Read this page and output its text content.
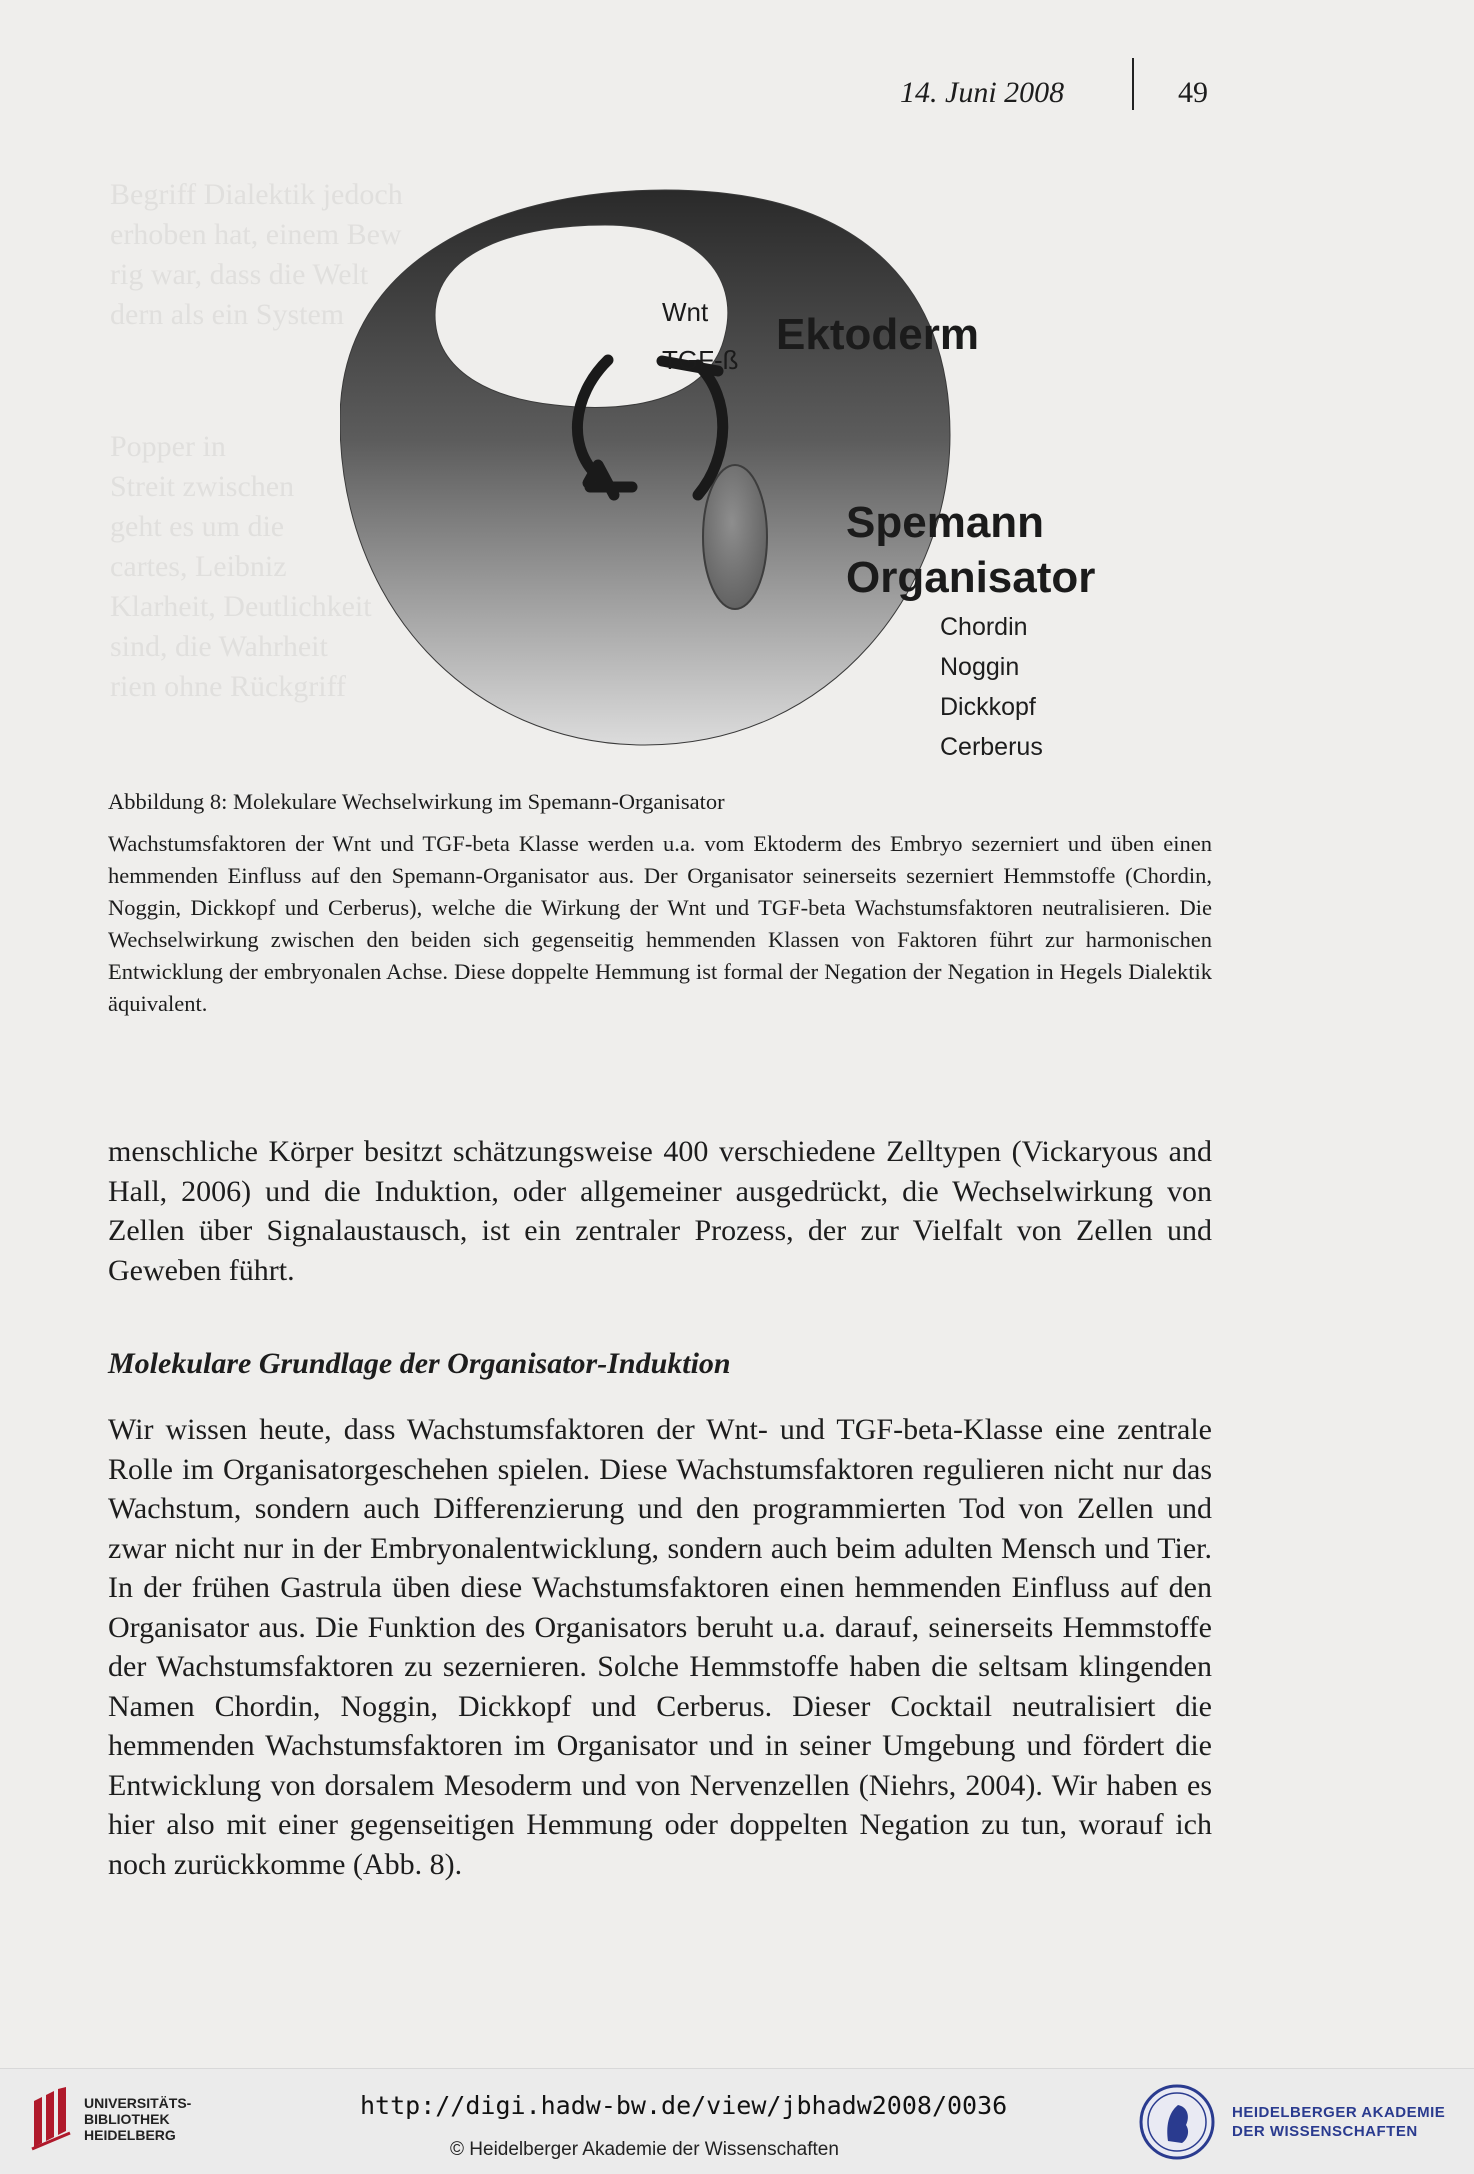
Begriff Dialektik jedoch
erhoben hat, einem Bew
rig war, dass die Welt
dern als ein System
Popper in
Streit zwischen
geht es um die
cartes, Leibniz
Klarheit, Deutlichkeit
sind, die Wahrheit
rien ohne Rückgriff
14. Juni 2008	49
Wnt
TGF-ß
Ektoderm
Spemann
Organisator
Chordin
Noggin
Dickkopf
Cerberus

Abbildung 8: Molekulare Wechselwirkung im Spemann-Organisator

Wachstumsfaktoren der Wnt und TGF-beta Klasse werden u.a. vom Ektoderm des Embryo sezerniert und üben einen hemmenden Einfluss auf den Spemann-Organisator aus. Der Organisator seinerseits sezerniert Hemmstoffe (Chordin, Noggin, Dickkopf und Cerberus), welche die Wirkung der Wnt und TGF-beta Wachstumsfaktoren neutralisieren. Die Wechselwirkung zwischen den beiden sich gegenseitig hemmenden Klassen von Faktoren führt zur harmonischen Entwicklung der embryonalen Achse. Diese doppelte Hemmung ist formal der Negation der Negation in Hegels Dialektik äquivalent.

menschliche Körper besitzt schätzungsweise 400 verschiedene Zelltypen (Vickaryous and Hall, 2006) und die Induktion, oder allgemeiner ausgedrückt, die Wechselwirkung von Zellen über Signalaustausch, ist ein zentraler Prozess, der zur Vielfalt von Zellen und Geweben führt.

Molekulare Grundlage der Organisator-Induktion

Wir wissen heute, dass Wachstumsfaktoren der Wnt- und TGF-beta-Klasse eine zentrale Rolle im Organisatorgeschehen spielen. Diese Wachstumsfaktoren regulieren nicht nur das Wachstum, sondern auch Differenzierung und den programmierten Tod von Zellen und zwar nicht nur in der Embryonalentwicklung, sondern auch beim adulten Mensch und Tier. In der frühen Gastrula üben diese Wachstumsfaktoren einen hemmenden Einfluss auf den Organisator aus. Die Funktion des Organisators beruht u.a. darauf, seinerseits Hemmstoffe der Wachstumsfaktoren zu sezernieren. Solche Hemmstoffe haben die seltsam klingenden Namen Chordin, Noggin, Dickkopf und Cerberus. Dieser Cocktail neutralisiert die hemmenden Wachstumsfaktoren im Organisator und in seiner Umgebung und fördert die Entwicklung von dorsalem Mesoderm und von Nervenzellen (Niehrs, 2004). Wir haben es hier also mit einer gegenseitigen Hemmung oder doppelten Negation zu tun, worauf ich noch zurückkomme (Abb. 8).

UNIVERSITÄTS-
BIBLIOTHEK
HEIDELBERG
http://digi.hadw-bw.de/view/jbhadw2008/0036
© Heidelberger Akademie der Wissenschaften
HEIDELBERGER AKADEMIE
DER WISSENSCHAFTEN
